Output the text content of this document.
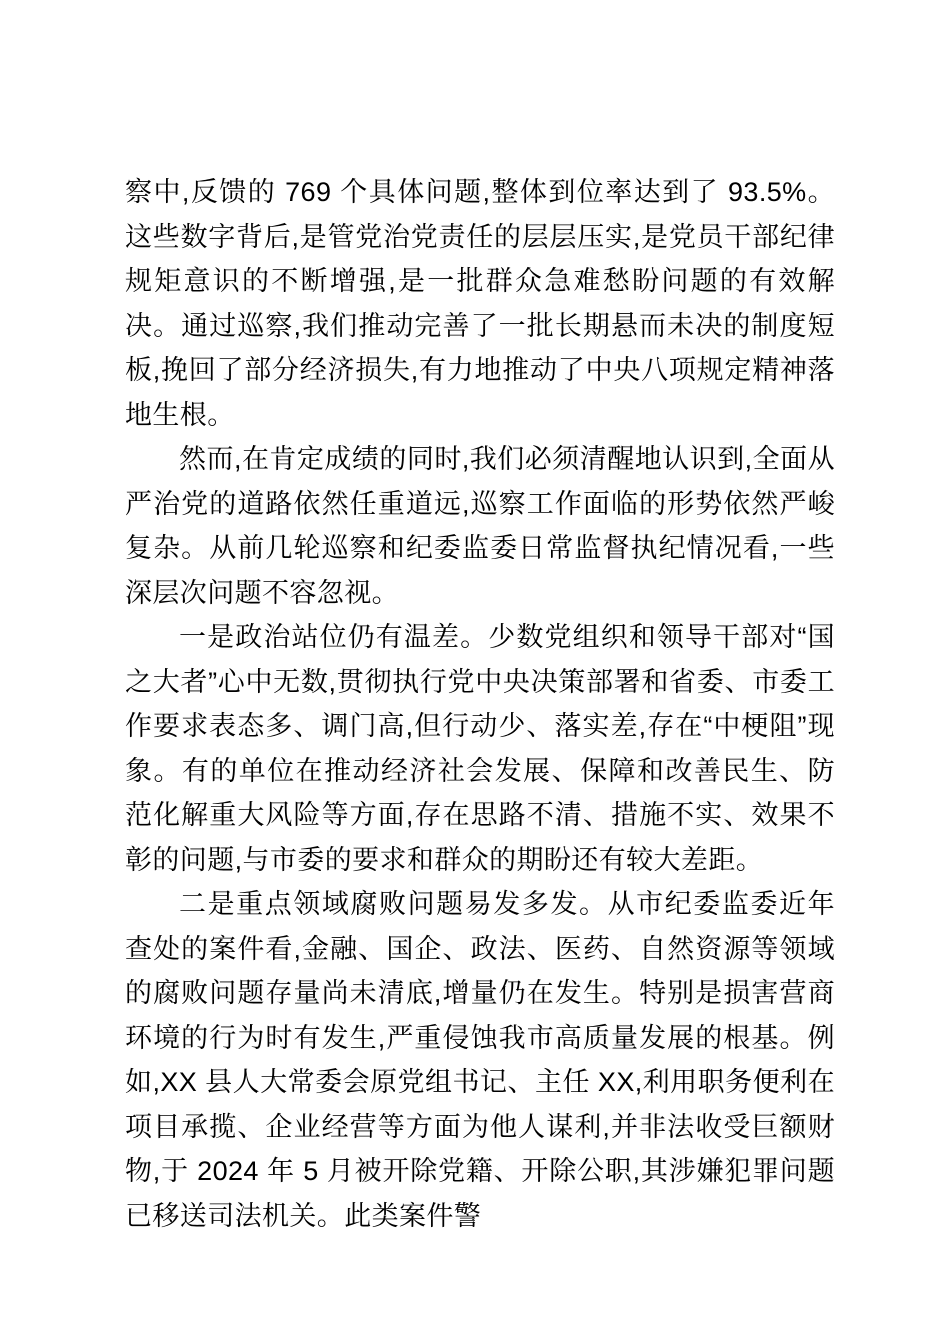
察中,反馈的 769 个具体问题,整体到位率达到了 93.5%。这些数字背后,是管党治党责任的层层压实,是党员干部纪律规矩意识的不断增强,是一批群众急难愁盼问题的有效解决。通过巡察,我们推动完善了一批长期悬而未决的制度短板,挽回了部分经济损失,有力地推动了中央八项规定精神落地生根。

然而,在肯定成绩的同时,我们必须清醒地认识到,全面从严治党的道路依然任重道远,巡察工作面临的形势依然严峻复杂。从前几轮巡察和纪委监委日常监督执纪情况看,一些深层次问题不容忽视。

一是政治站位仍有温差。少数党组织和领导干部对“国之大者”心中无数,贯彻执行党中央决策部署和省委、市委工作要求表态多、调门高,但行动少、落实差,存在“中梗阻”现象。有的单位在推动经济社会发展、保障和改善民生、防范化解重大风险等方面,存在思路不清、措施不实、效果不彰的问题,与市委的要求和群众的期盼还有较大差距。

二是重点领域腐败问题易发多发。从市纪委监委近年查处的案件看,金融、国企、政法、医药、自然资源等领域的腐败问题存量尚未清底,增量仍在发生。特别是损害营商环境的行为时有发生,严重侵蚀我市高质量发展的根基。例如,XX 县人大常委会原党组书记、主任 XX,利用职务便利在项目承揽、企业经营等方面为他人谋利,并非法收受巨额财物,于 2024 年 5 月被开除党籍、开除公职,其涉嫌犯罪问题已移送司法机关。此类案件警
